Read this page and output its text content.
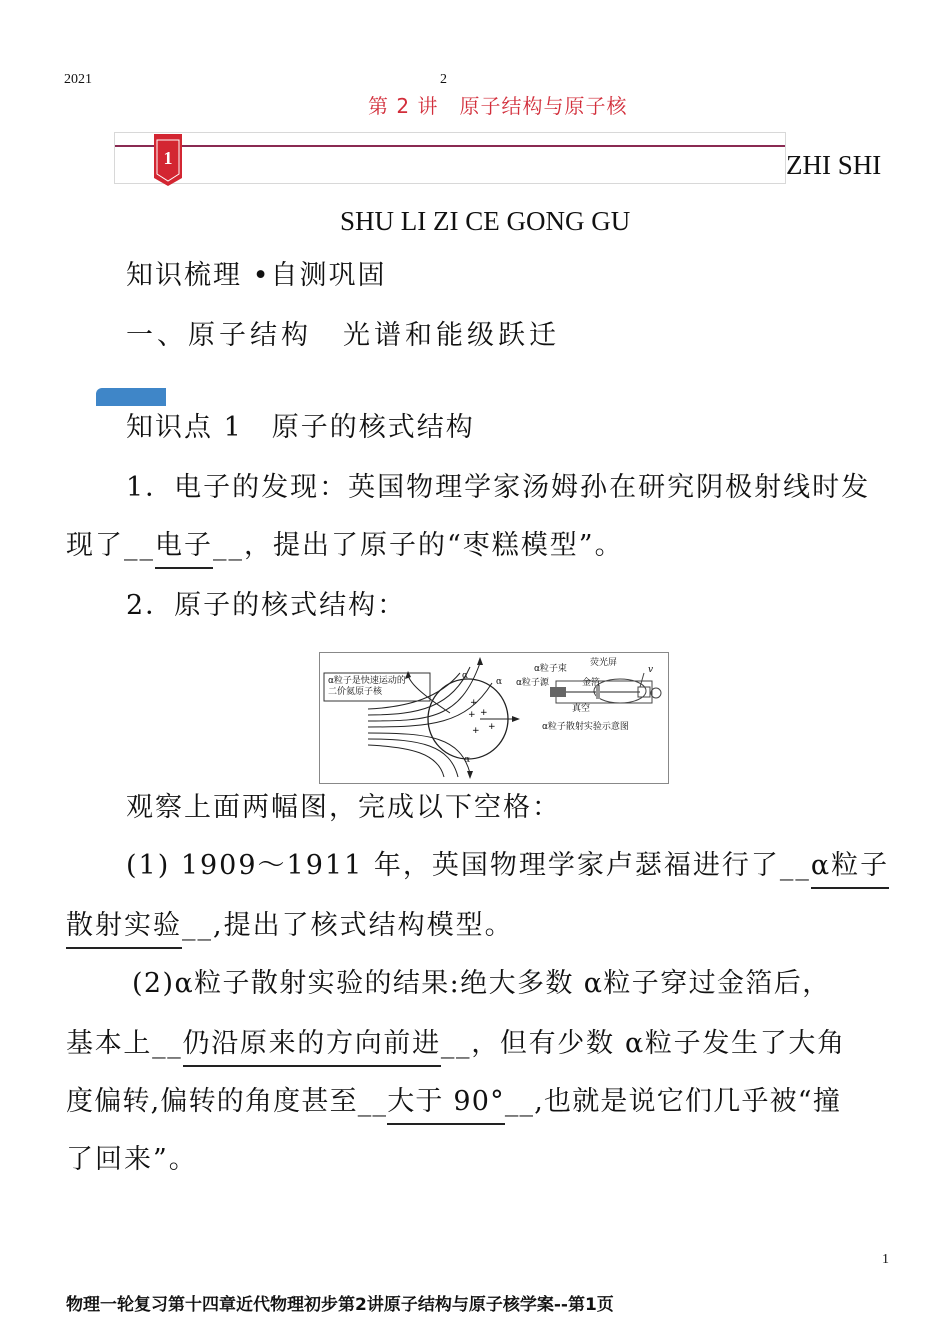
2021	2
第 2 讲　原子结构与原子核
1	ZHI SHI
SHU LI ZI CE GONG GU
知识梳理 •自测巩固
一、原子结构　光谱和能级跃迁
知识点 1　原子的核式结构
1．电子的发现：英国物理学家汤姆孙在研究阴极射线时发
现了__电子__，提出了原子的“枣糕模型”。
2．原子的核式结构：
+
+
+
+
+
α粒子是快速运动的
二价氦原子核
α
α
α
α粒子束
荧光屏
α粒子源	金箔
真空
v
α粒子散射实验示意图
观察上面两幅图，完成以下空格：
(1) 1909～1911 年，英国物理学家卢瑟福进行了__α粒子
散射实验__,提出了核式结构模型。
(2)α粒子散射实验的结果:绝大多数 α粒子穿过金箔后，
基本上__仍沿原来的方向前进__，但有少数 α粒子发生了大角
度偏转,偏转的角度甚至__大于 90°__,也就是说它们几乎被“撞
了回来”。
1
物理一轮复习第十四章近代物理初步第2讲原子结构与原子核学案--第1页
